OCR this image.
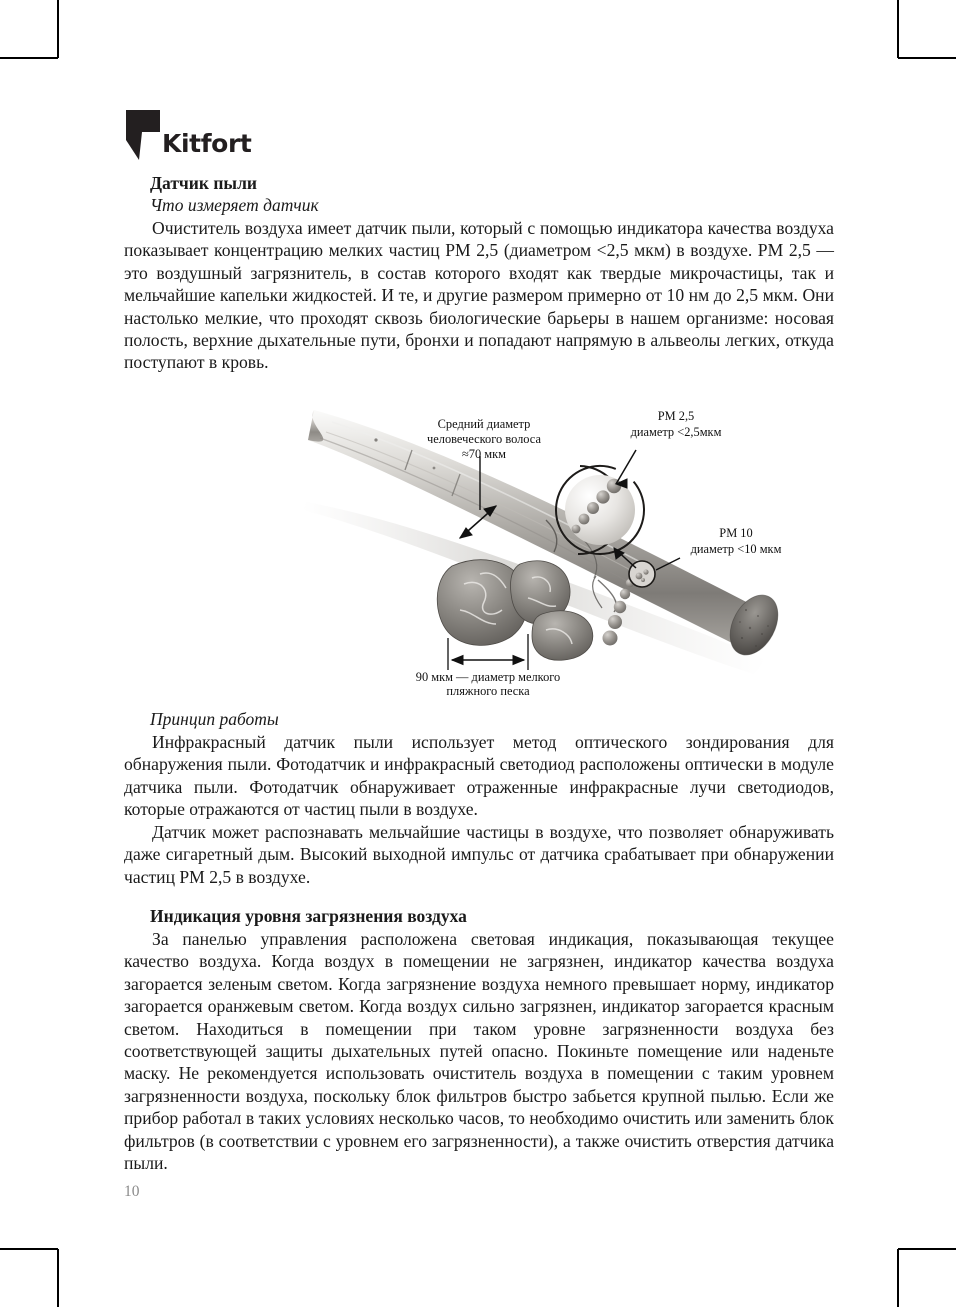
Kitfort
Датчик пыли
Что измеряет датчик

Очиститель воздуха имеет датчик пыли, который с помощью индикатора качества воздуха показывает концентрацию мелких частиц PM 2,5 (диаметром <2,5 мкм) в воздухе. PM 2,5 — это воздушный загрязнитель, в состав которого входят как твердые микрочастицы, так и мельчайшие капельки жидкостей. И те, и другие размером примерно от 10 нм до 2,5 мкм. Они настолько мелкие, что проходят сквозь биологические барьеры в нашем организме: носовая полость, верхние дыхательные пути, бронхи и попадают напрямую в альвеолы легких, откуда поступают в кровь.

Средний диаметр
человеческого волоса
≈70 мкм
PM 2,5
диаметр <2,5мкм
PM 10
диаметр <10 мкм
90 мкм — диаметр мелкого
пляжного песка
Принцип работы

Инфракрасный датчик пыли использует метод оптического зондирования для обнаружения пыли. Фотодатчик и инфракрасный светодиод расположены оптически в модуле датчика пыли. Фотодатчик обнаруживает отраженные инфракрасные лучи светодиодов, которые отражаются от частиц пыли в воздухе.

Датчик может распознавать мельчайшие частицы в воздухе, что позволяет обнаруживать даже сигаретный дым. Высокий выходной импульс от датчика срабатывает при обнаружении частиц PM 2,5 в воздухе.

Индикация уровня загрязнения воздуха

За панелью управления расположена световая индикация, показывающая текущее качество воздуха. Когда воздух в помещении не загрязнен, индикатор качества воздуха загорается зеленым светом. Когда загрязнение воздуха немного превышает норму, индикатор загорается оранжевым светом. Когда воздух сильно загрязнен, индикатор загорается красным светом. Находиться в помещении при таком уровне загрязненности воздуха без соответствующей защиты дыхательных путей опасно. Покиньте помещение или наденьте маску. Не рекомендуется использовать очиститель воздуха в помещении с таким уровнем загрязненности воздуха, поскольку блок фильтров быстро забьется крупной пылью. Если же прибор работал в таких условиях несколько часов, то необходимо очистить или заменить блок фильтров (в соответствии с уровнем его загрязненности), а также очистить отверстия датчика пыли.

10
